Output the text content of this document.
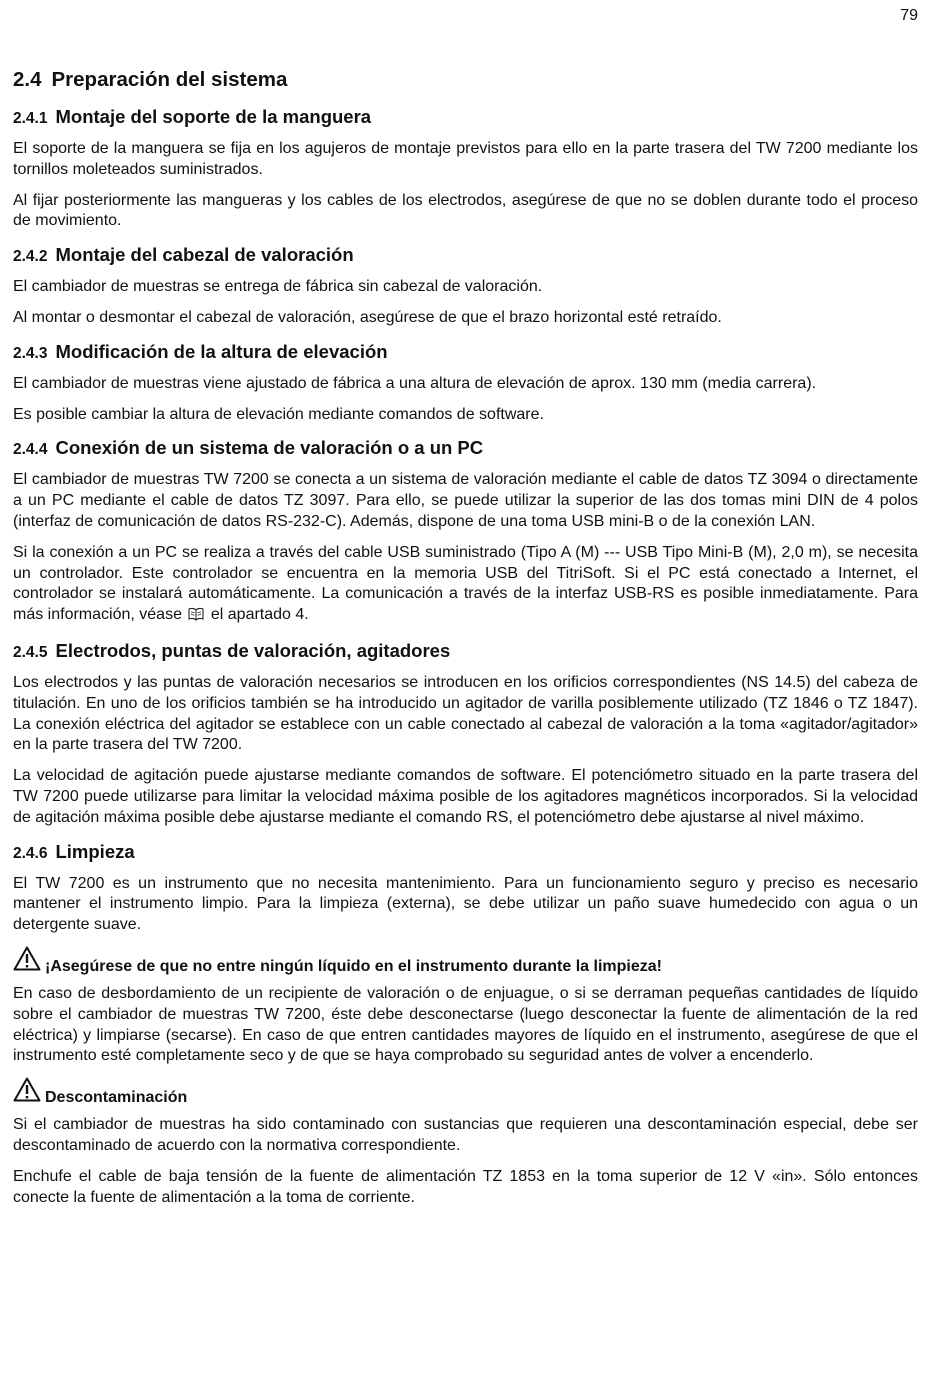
79
2.4 Preparación del sistema
2.4.1 Montaje del soporte de la manguera

El soporte de la manguera se fija en los agujeros de montaje previstos para ello en la parte trasera del TW 7200 mediante los tornillos moleteados suministrados.

Al fijar posteriormente las mangueras y los cables de los electrodos, asegúrese de que no se doblen durante todo el proceso de movimiento.

2.4.2 Montaje del cabezal de valoración

El cambiador de muestras se entrega de fábrica sin cabezal de valoración.

Al montar o desmontar el cabezal de valoración, asegúrese de que el brazo horizontal esté retraído.

2.4.3 Modificación de la altura de elevación

El cambiador de muestras viene ajustado de fábrica a una altura de elevación de aprox. 130 mm (media carrera).

Es posible cambiar la altura de elevación mediante comandos de software.

2.4.4 Conexión de un sistema de valoración o a un PC

El cambiador de muestras TW 7200 se conecta a un sistema de valoración mediante el cable de datos TZ 3094 o directamente a un PC mediante el cable de datos TZ 3097. Para ello, se puede utilizar la superior de las dos tomas mini DIN de 4 polos (interfaz de comunicación de datos RS-232-C). Además, dispone de una toma USB mini-B o de la conexión LAN.

Si la conexión a un PC se realiza a través del cable USB suministrado (Tipo A (M) --- USB Tipo Mini-B (M), 2,0 m), se necesita un controlador. Este controlador se encuentra en la memoria USB del TitriSoft. Si el PC está conectado a Internet, el controlador se instalará automáticamente. La comunicación a través de la interfaz USB-RS es posible inmediatamente. Para más información, véase  el apartado 4.

2.4.5 Electrodos, puntas de valoración, agitadores

Los electrodos y las puntas de valoración necesarios se introducen en los orificios correspondientes (NS 14.5) del cabeza de titulación. En uno de los orificios también se ha introducido un agitador de varilla posiblemente utilizado (TZ 1846 o TZ 1847). La conexión eléctrica del agitador se establece con un cable conectado al cabezal de valoración a la toma «agitador/agitador» en la parte trasera del TW 7200.

La velocidad de agitación puede ajustarse mediante comandos de software. El potenciómetro situado en la parte trasera del TW 7200 puede utilizarse para limitar la velocidad máxima posible de los agitadores magnéticos incorporados. Si la velocidad de agitación máxima posible debe ajustarse mediante el comando RS, el potenciómetro debe ajustarse al nivel máximo.

2.4.6 Limpieza

El TW 7200 es un instrumento que no necesita mantenimiento. Para un funcionamiento seguro y preciso es necesario mantener el instrumento limpio. Para la limpieza (externa), se debe utilizar un paño suave humedecido con agua o un detergente suave.

¡Asegúrese de que no entre ningún líquido en el instrumento durante la limpieza!

En caso de desbordamiento de un recipiente de valoración o de enjuague, o si se derraman pequeñas cantidades de líquido sobre el cambiador de muestras TW 7200, éste debe desconectarse (luego desconectar la fuente de alimentación de la red eléctrica) y limpiarse (secarse). En caso de que entren cantidades mayores de líquido en el instrumento, asegúrese de que el instrumento esté completamente seco y de que se haya comprobado su seguridad antes de volver a encenderlo.

Descontaminación

Si el cambiador de muestras ha sido contaminado con sustancias que requieren una descontaminación especial, debe ser descontaminado de acuerdo con la normativa correspondiente.

Enchufe el cable de baja tensión de la fuente de alimentación TZ 1853 en la toma superior de 12 V «in». Sólo entonces conecte la fuente de alimentación a la toma de corriente.
